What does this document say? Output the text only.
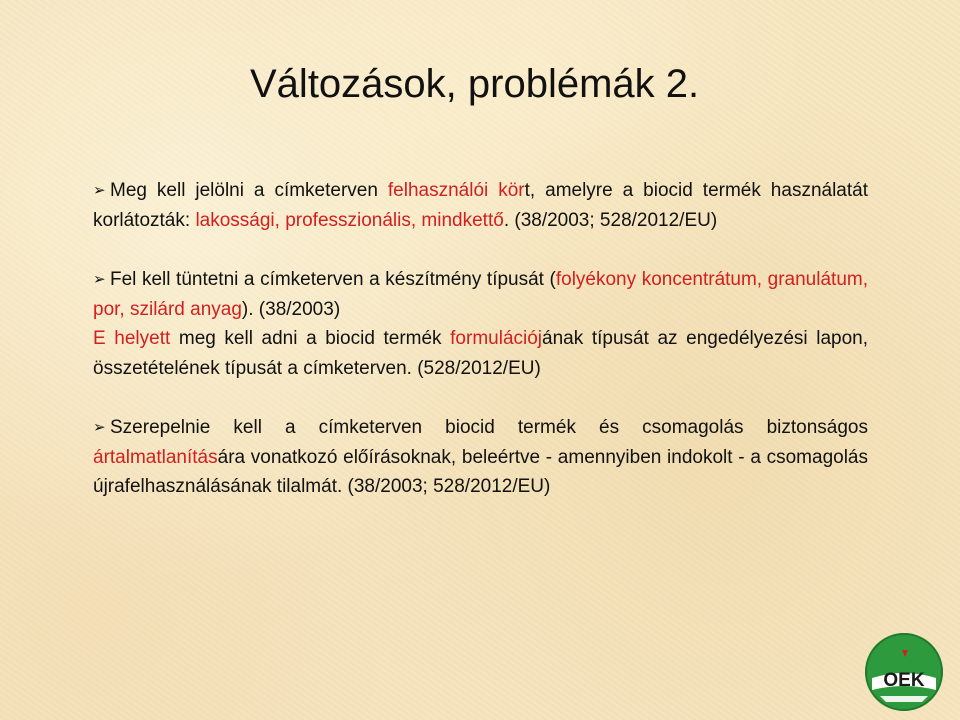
Változások, problémák 2.

➢ Meg kell jelölni a címketerven felhasználói kört, amelyre a biocid termék használatát korlátozták: lakossági, professzionális, mindkettő. (38/2003; 528/2012/EU)

➢ Fel kell tüntetni a címketerven a készítmény típusát (folyékony koncentrátum, granulátum, por, szilárd anyag). (38/2003)

E helyett meg kell adni a biocid termék formulációjának típusát az engedélyezési lapon, összetételének típusát a címketerven. (528/2012/EU)

➢ Szerepelnie kell a címketerven biocid termék és csomagolás biztonságos ártalmatlanítására vonatkozó előírásoknak, beleértve - amennyiben indokolt - a csomagolás újrafelhasználásának tilalmát. (38/2003; 528/2012/EU)

OEK
